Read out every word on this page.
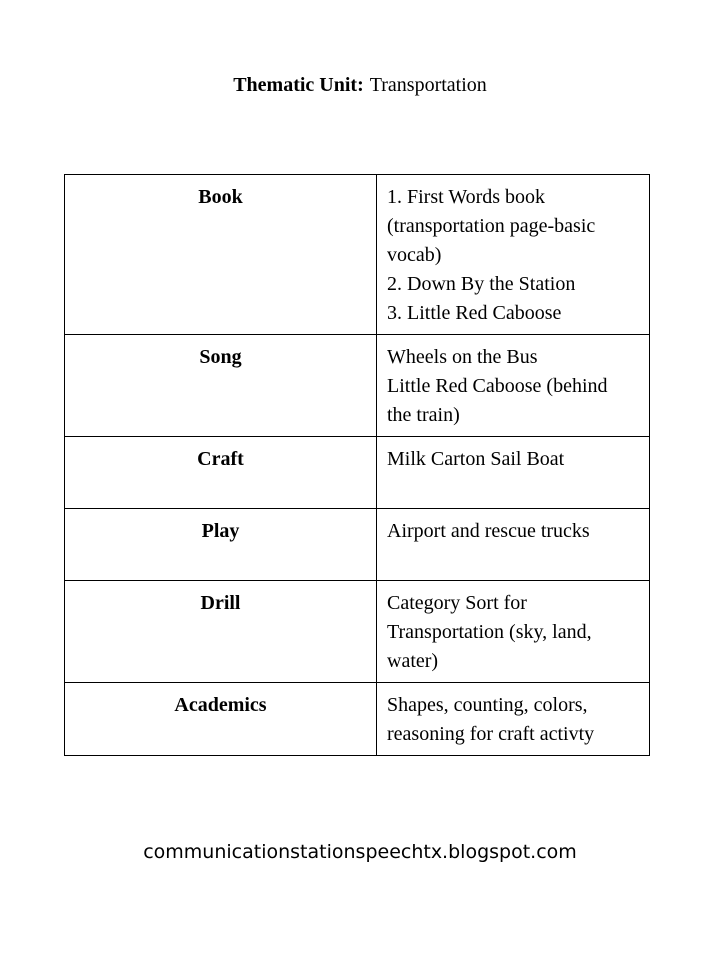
Thematic Unit: Transportation
Book	1. First Words book
(transportation page-basic
vocab)
2. Down By the Station
3. Little Red Caboose

Song	Wheels on the Bus
Little Red Caboose (behind
the train)

Craft	Milk Carton Sail Boat

Play	Airport and rescue trucks

Drill	Category Sort for
Transportation (sky, land,
water)

Academics	Shapes, counting, colors,
reasoning for craft activty
communicationstationspeechtx.blogspot.com
